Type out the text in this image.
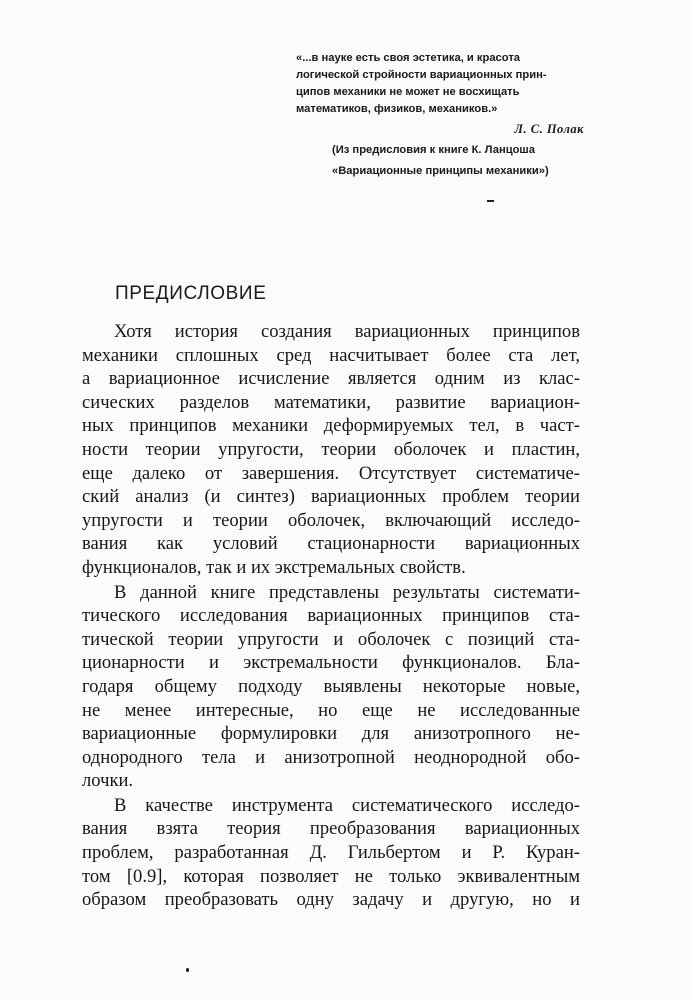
«...в науке есть своя эстетика, и красота
логической стройности вариационных прин-
ципов механики не может не восхищать
математиков, физиков, механиков.»
Л. С. Полак
(Из предисловия к книге К. Ланцоша
«Вариационные принципы механики»)
ПРЕДИСЛОВИЕ
Хотя история создания вариационных принципов
механики сплошных сред насчитывает более ста лет,
а вариационное исчисление является одним из клас-
сических разделов математики, развитие вариацион-
ных принципов механики деформируемых тел, в част-
ности теории упругости, теории оболочек и пластин,
еще далеко от завершения. Отсутствует систематиче-
ский анализ (и синтез) вариационных проблем теории
упругости и теории оболочек, включающий исследо-
вания как условий стационарности вариационных
функционалов, так и их экстремальных свойств.
В данной книге представлены результаты системати-
тического исследования вариационных принципов ста-
тической теории упругости и оболочек с позиций ста-
ционарности и экстремальности функционалов. Бла-
годаря общему подходу выявлены некоторые новые,
не менее интересные, но еще не исследованные
вариационные формулировки для анизотропного не-
однородного тела и анизотропной неоднородной обо-
лочки.
В качестве инструмента систематического исследо-
вания взята теория преобразования вариационных
проблем, разработанная Д. Гильбертом и Р. Куран-
том [0.9], которая позволяет не только эквивалентным
образом преобразовать одну задачу и другую, но и
